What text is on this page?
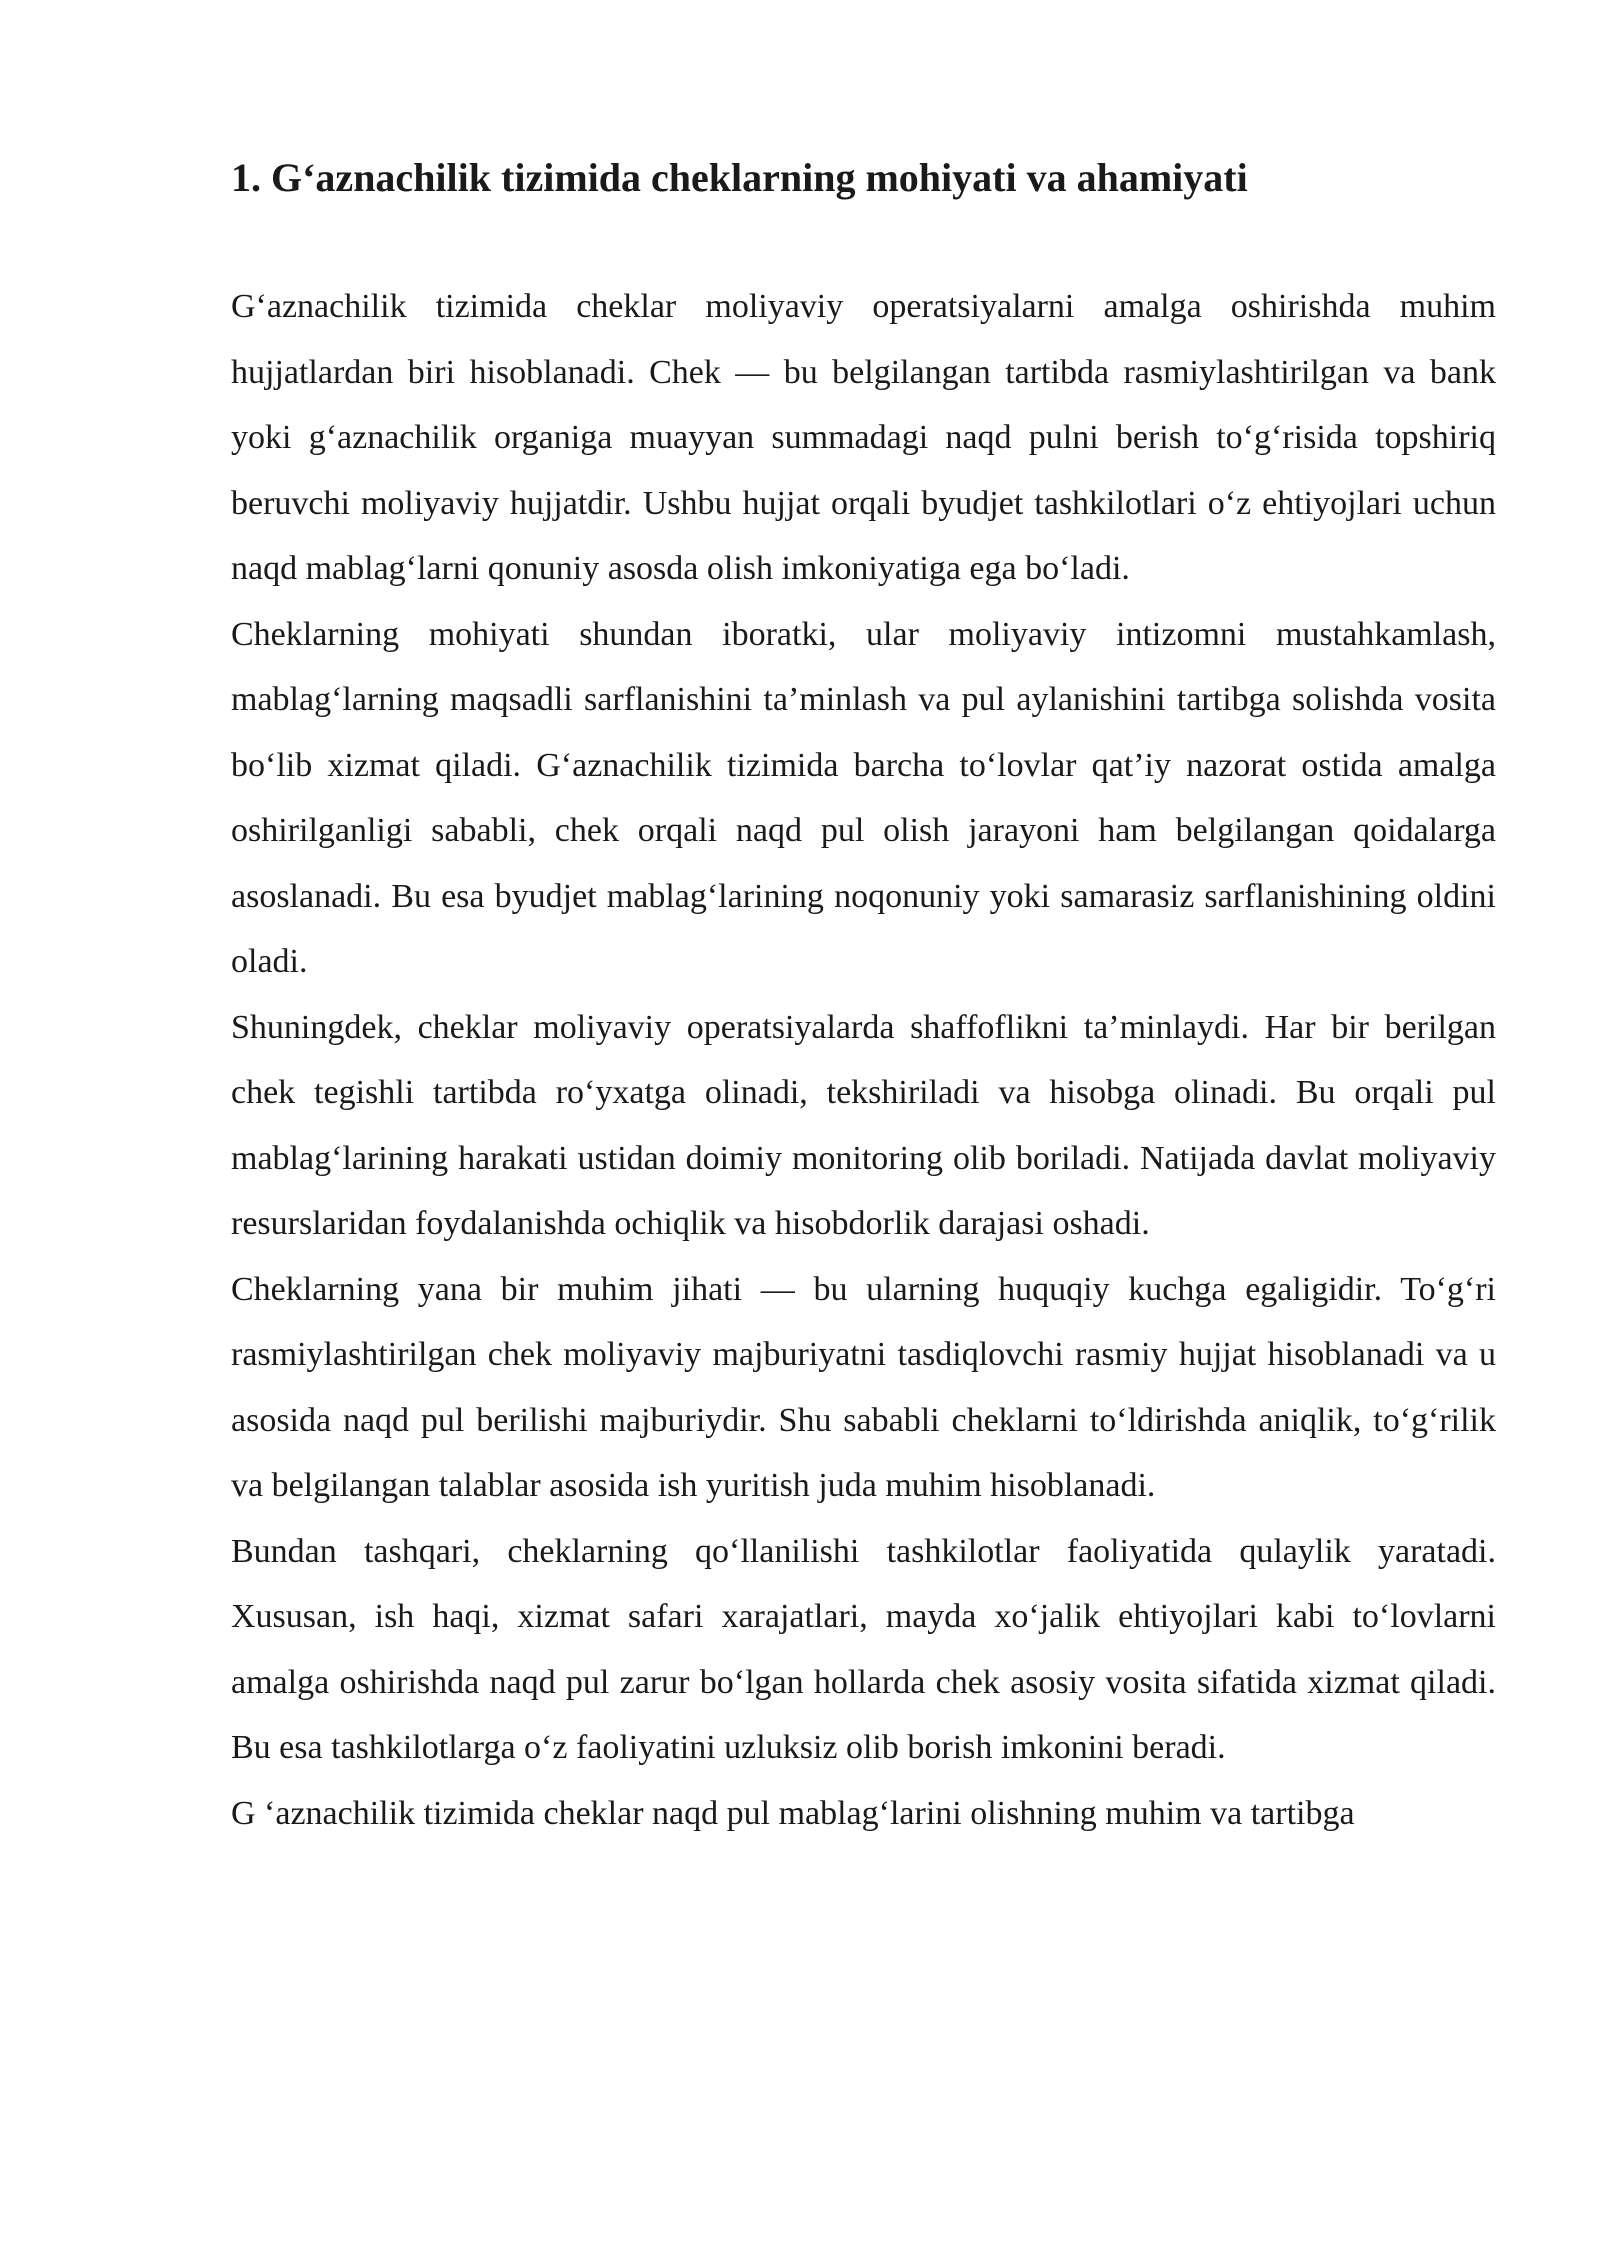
1. G‘aznachilik tizimida cheklarning mohiyati va ahamiyati

G‘aznachilik tizimida cheklar moliyaviy operatsiyalarni amalga oshirishda muhim hujjatlardan biri hisoblanadi. Chek — bu belgilangan tartibda rasmiylashtirilgan va bank yoki g‘aznachilik organiga muayyan summadagi naqd pulni berish to‘g‘risida topshiriq beruvchi moliyaviy hujjatdir. Ushbu hujjat orqali byudjet tashkilotlari o‘z ehtiyojlari uchun naqd mablag‘larni qonuniy asosda olish imkoniyatiga ega bo‘ladi.

Cheklarning mohiyati shundan iboratki, ular moliyaviy intizomni mustahkamlash, mablag‘larning maqsadli sarflanishini ta’minlash va pul aylanishini tartibga solishda vosita bo‘lib xizmat qiladi. G‘aznachilik tizimida barcha to‘lovlar qat’iy nazorat ostida amalga oshirilganligi sababli, chek orqali naqd pul olish jarayoni ham belgilangan qoidalarga asoslanadi. Bu esa byudjet mablag‘larining noqonuniy yoki samarasiz sarflanishining oldini oladi.

Shuningdek, cheklar moliyaviy operatsiyalarda shaffoflikni ta’minlaydi. Har bir berilgan chek tegishli tartibda ro‘yxatga olinadi, tekshiriladi va hisobga olinadi. Bu orqali pul mablag‘larining harakati ustidan doimiy monitoring olib boriladi. Natijada davlat moliyaviy resurslaridan foydalanishda ochiqlik va hisobdorlik darajasi oshadi.

Cheklarning yana bir muhim jihati — bu ularning huquqiy kuchga egaligidir. To‘g‘ri rasmiylashtirilgan chek moliyaviy majburiyatni tasdiqlovchi rasmiy hujjat hisoblanadi va u asosida naqd pul berilishi majburiydir. Shu sababli cheklarni to‘ldirishda aniqlik, to‘g‘rilik va belgilangan talablar asosida ish yuritish juda muhim hisoblanadi.

Bundan tashqari, cheklarning qo‘llanilishi tashkilotlar faoliyatida qulaylik yaratadi. Xususan, ish haqi, xizmat safari xarajatlari, mayda xo‘jalik ehtiyojlari kabi to‘lovlarni amalga oshirishda naqd pul zarur bo‘lgan hollarda chek asosiy vosita sifatida xizmat qiladi. Bu esa tashkilotlarga o‘z faoliyatini uzluksiz olib borish imkonini beradi.

G ‘aznachilik tizimida cheklar naqd pul mablag‘larini olishning muhim va tartibga
